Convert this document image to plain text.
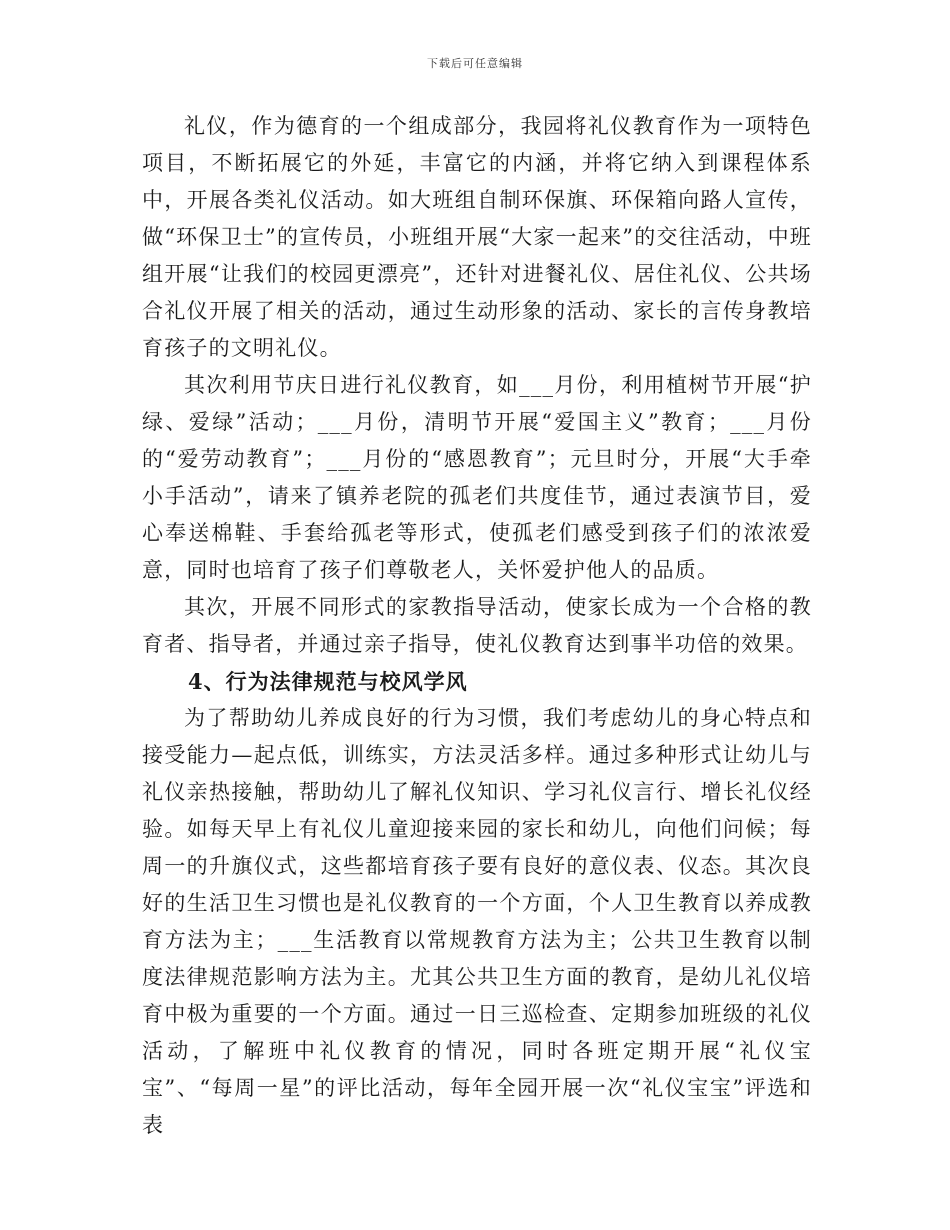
下载后可任意编辑

礼仪，作为德育的一个组成部分，我园将礼仪教育作为一项特色项目，不断拓展它的外延，丰富它的内涵，并将它纳入到课程体系中，开展各类礼仪活动。如大班组自制环保旗、环保箱向路人宣传，做“环保卫士”的宣传员，小班组开展“大家一起来”的交往活动，中班组开展“让我们的校园更漂亮”，还针对进餐礼仪、居住礼仪、公共场合礼仪开展了相关的活动，通过生动形象的活动、家长的言传身教培育孩子的文明礼仪。

其次利用节庆日进行礼仪教育，如___月份，利用植树节开展“护绿、爱绿”活动；___月份，清明节开展“爱国主义”教育；___月份的“爱劳动教育”；___月份的“感恩教育”；元旦时分，开展“大手牵小手活动”，请来了镇养老院的孤老们共度佳节，通过表演节目，爱心奉送棉鞋、手套给孤老等形式，使孤老们感受到孩子们的浓浓爱意，同时也培育了孩子们尊敬老人，关怀爱护他人的品质。

其次，开展不同形式的家教指导活动，使家长成为一个合格的教育者、指导者，并通过亲子指导，使礼仪教育达到事半功倍的效果。

4、行为法律规范与校风学风

为了帮助幼儿养成良好的行为习惯，我们考虑幼儿的身心特点和接受能力—起点低，训练实，方法灵活多样。通过多种形式让幼儿与礼仪亲热接触，帮助幼儿了解礼仪知识、学习礼仪言行、增长礼仪经验。如每天早上有礼仪儿童迎接来园的家长和幼儿，向他们问候；每周一的升旗仪式，这些都培育孩子要有良好的意仪表、仪态。其次良好的生活卫生习惯也是礼仪教育的一个方面，个人卫生教育以养成教育方法为主；___生活教育以常规教育方法为主；公共卫生教育以制度法律规范影响方法为主。尤其公共卫生方面的教育，是幼儿礼仪培育中极为重要的一个方面。通过一日三巡检查、定期参加班级的礼仪活动，了解班中礼仪教育的情况，同时各班定期开展“礼仪宝宝”、“每周一星”的评比活动，每年全园开展一次“礼仪宝宝”评选和表
